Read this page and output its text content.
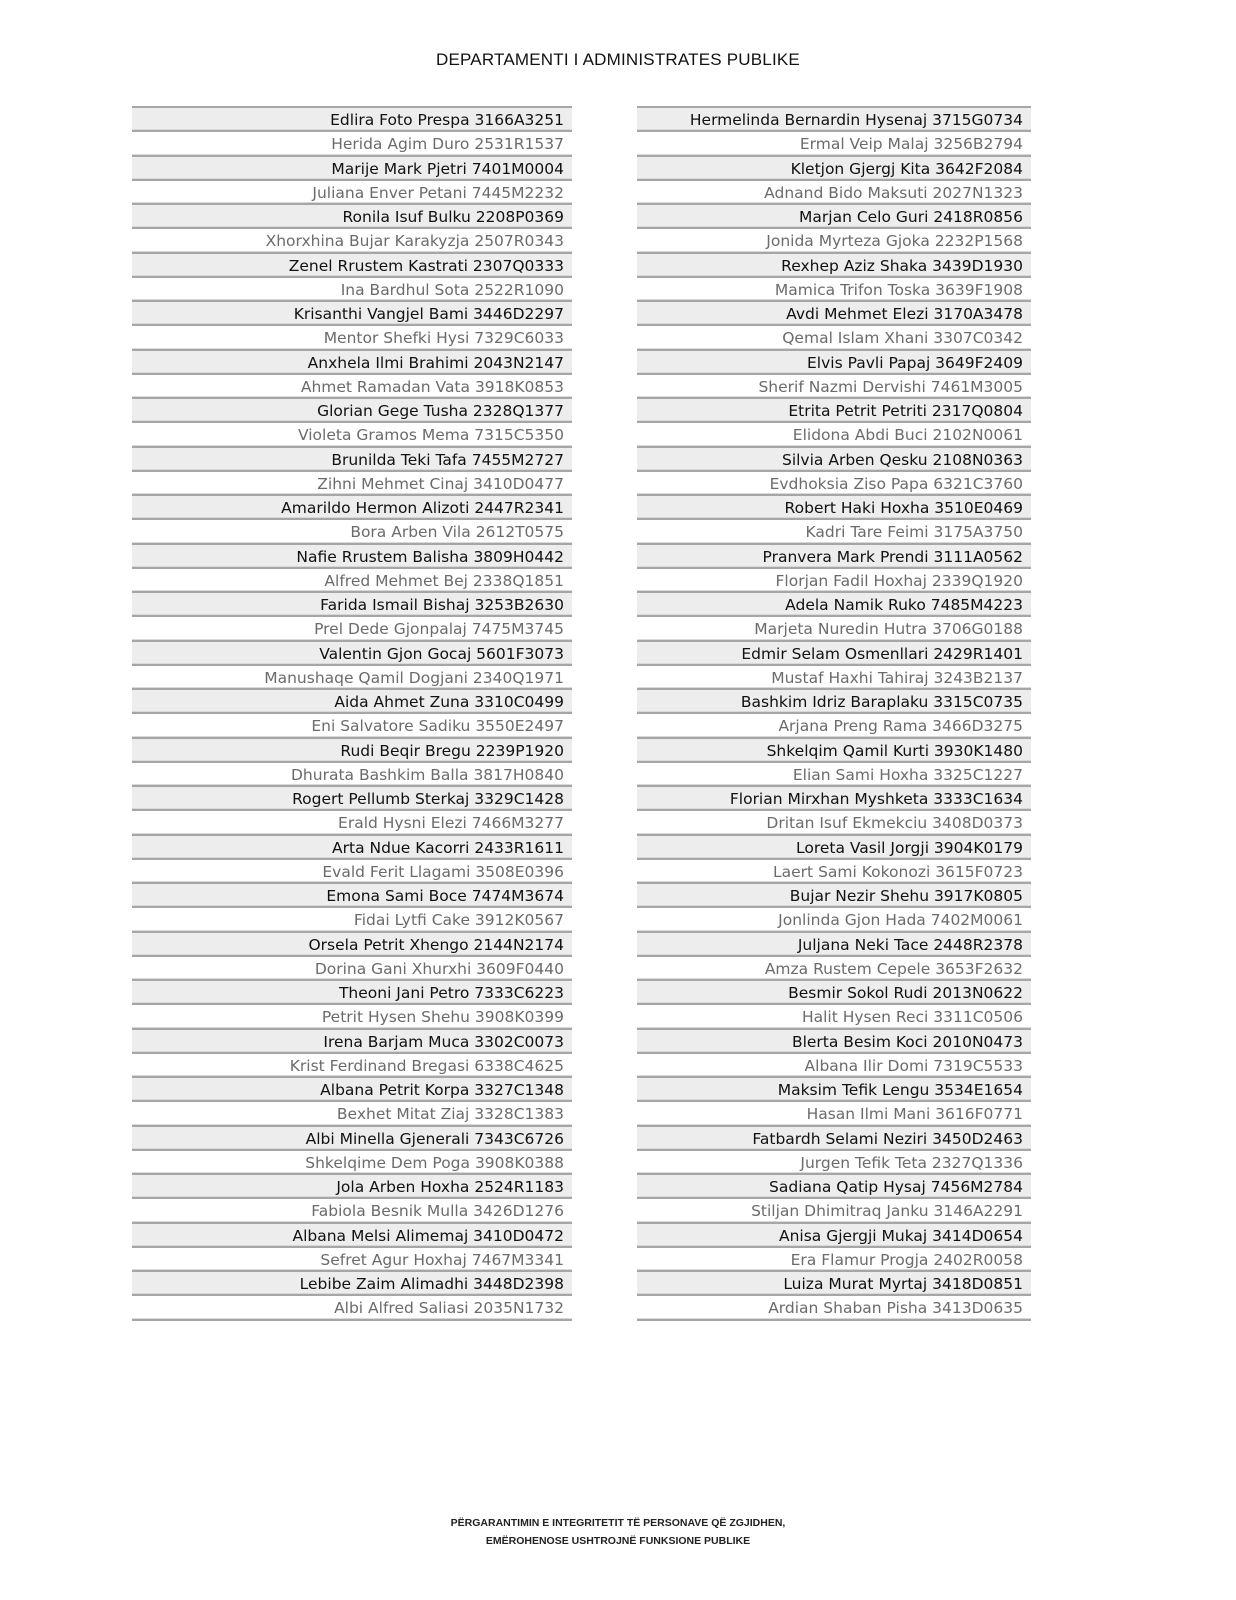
DEPARTAMENTI I ADMINISTRATES PUBLIKE
Edlira Foto Prespa 3166A3251
Herida Agim Duro 2531R1537
Marije Mark Pjetri 7401M0004
Juliana Enver Petani 7445M2232
Ronila Isuf Bulku 2208P0369
Xhorxhina Bujar Karakyzja 2507R0343
Zenel Rrustem Kastrati 2307Q0333
Ina Bardhul Sota 2522R1090
Krisanthi Vangjel Bami 3446D2297
Mentor Shefki Hysi 7329C6033
Anxhela Ilmi Brahimi 2043N2147
Ahmet Ramadan Vata 3918K0853
Glorian Gege Tusha 2328Q1377
Violeta Gramos Mema 7315C5350
Brunilda Teki Tafa 7455M2727
Zihni Mehmet Cinaj 3410D0477
Amarildo Hermon Alizoti 2447R2341
Bora Arben Vila 2612T0575
Nafie Rrustem Balisha 3809H0442
Alfred Mehmet Bej 2338Q1851
Farida Ismail Bishaj 3253B2630
Prel Dede Gjonpalaj 7475M3745
Valentin Gjon Gocaj 5601F3073
Manushaqe Qamil Dogjani 2340Q1971
Aida Ahmet Zuna 3310C0499
Eni Salvatore Sadiku 3550E2497
Rudi Beqir Bregu 2239P1920
Dhurata Bashkim Balla 3817H0840
Rogert Pellumb Sterkaj 3329C1428
Erald Hysni Elezi 7466M3277
Arta Ndue Kacorri 2433R1611
Evald Ferit Llagami 3508E0396
Emona Sami Boce 7474M3674
Fidai Lytfi Cake 3912K0567
Orsela Petrit Xhengo 2144N2174
Dorina Gani Xhurxhi 3609F0440
Theoni Jani Petro 7333C6223
Petrit Hysen Shehu 3908K0399
Irena Barjam Muca 3302C0073
Krist Ferdinand Bregasi 6338C4625
Albana Petrit Korpa 3327C1348
Bexhet Mitat Ziaj 3328C1383
Albi Minella Gjenerali 7343C6726
Shkelqime Dem Poga 3908K0388
Jola Arben Hoxha 2524R1183
Fabiola Besnik Mulla 3426D1276
Albana Melsi Alimemaj 3410D0472
Sefret Agur Hoxhaj 7467M3341
Lebibe Zaim Alimadhi 3448D2398
Albi Alfred Saliasi 2035N1732
Hermelinda Bernardin Hysenaj 3715G0734
Ermal Veip Malaj 3256B2794
Kletjon Gjergj Kita 3642F2084
Adnand Bido Maksuti 2027N1323
Marjan Celo Guri 2418R0856
Jonida Myrteza Gjoka 2232P1568
Rexhep Aziz Shaka 3439D1930
Mamica Trifon Toska 3639F1908
Avdi Mehmet Elezi 3170A3478
Qemal Islam Xhani 3307C0342
Elvis Pavli Papaj 3649F2409
Sherif Nazmi Dervishi 7461M3005
Etrita Petrit Petriti 2317Q0804
Elidona Abdi Buci 2102N0061
Silvia Arben Qesku 2108N0363
Evdhoksia Ziso Papa 6321C3760
Robert Haki Hoxha 3510E0469
Kadri Tare Feimi 3175A3750
Pranvera Mark Prendi 3111A0562
Florjan Fadil Hoxhaj 2339Q1920
Adela Namik Ruko 7485M4223
Marjeta Nuredin Hutra 3706G0188
Edmir Selam Osmenllari 2429R1401
Mustaf Haxhi Tahiraj 3243B2137
Bashkim Idriz Baraplaku 3315C0735
Arjana Preng Rama 3466D3275
Shkelqim Qamil Kurti 3930K1480
Elian Sami Hoxha 3325C1227
Florian Mirxhan Myshketa 3333C1634
Dritan Isuf Ekmekciu 3408D0373
Loreta Vasil Jorgji 3904K0179
Laert Sami Kokonozi 3615F0723
Bujar Nezir Shehu 3917K0805
Jonlinda Gjon Hada 7402M0061
Juljana Neki Tace 2448R2378
Amza Rustem Cepele 3653F2632
Besmir Sokol Rudi 2013N0622
Halit Hysen Reci 3311C0506
Blerta Besim Koci 2010N0473
Albana Ilir Domi 7319C5533
Maksim Tefik Lengu 3534E1654
Hasan Ilmi Mani 3616F0771
Fatbardh Selami Neziri 3450D2463
Jurgen Tefik Teta 2327Q1336
Sadiana Qatip Hysaj 7456M2784
Stiljan Dhimitraq Janku 3146A2291
Anisa Gjergji Mukaj 3414D0654
Era Flamur Progja 2402R0058
Luiza Murat Myrtaj 3418D0851
Ardian Shaban Pisha 3413D0635
PËRGARANTIMIN E INTEGRITETIT TË PERSONAVE QË ZGJIDHEN,
EMËROHENOSE USHTROJNË FUNKSIONE PUBLIKE
